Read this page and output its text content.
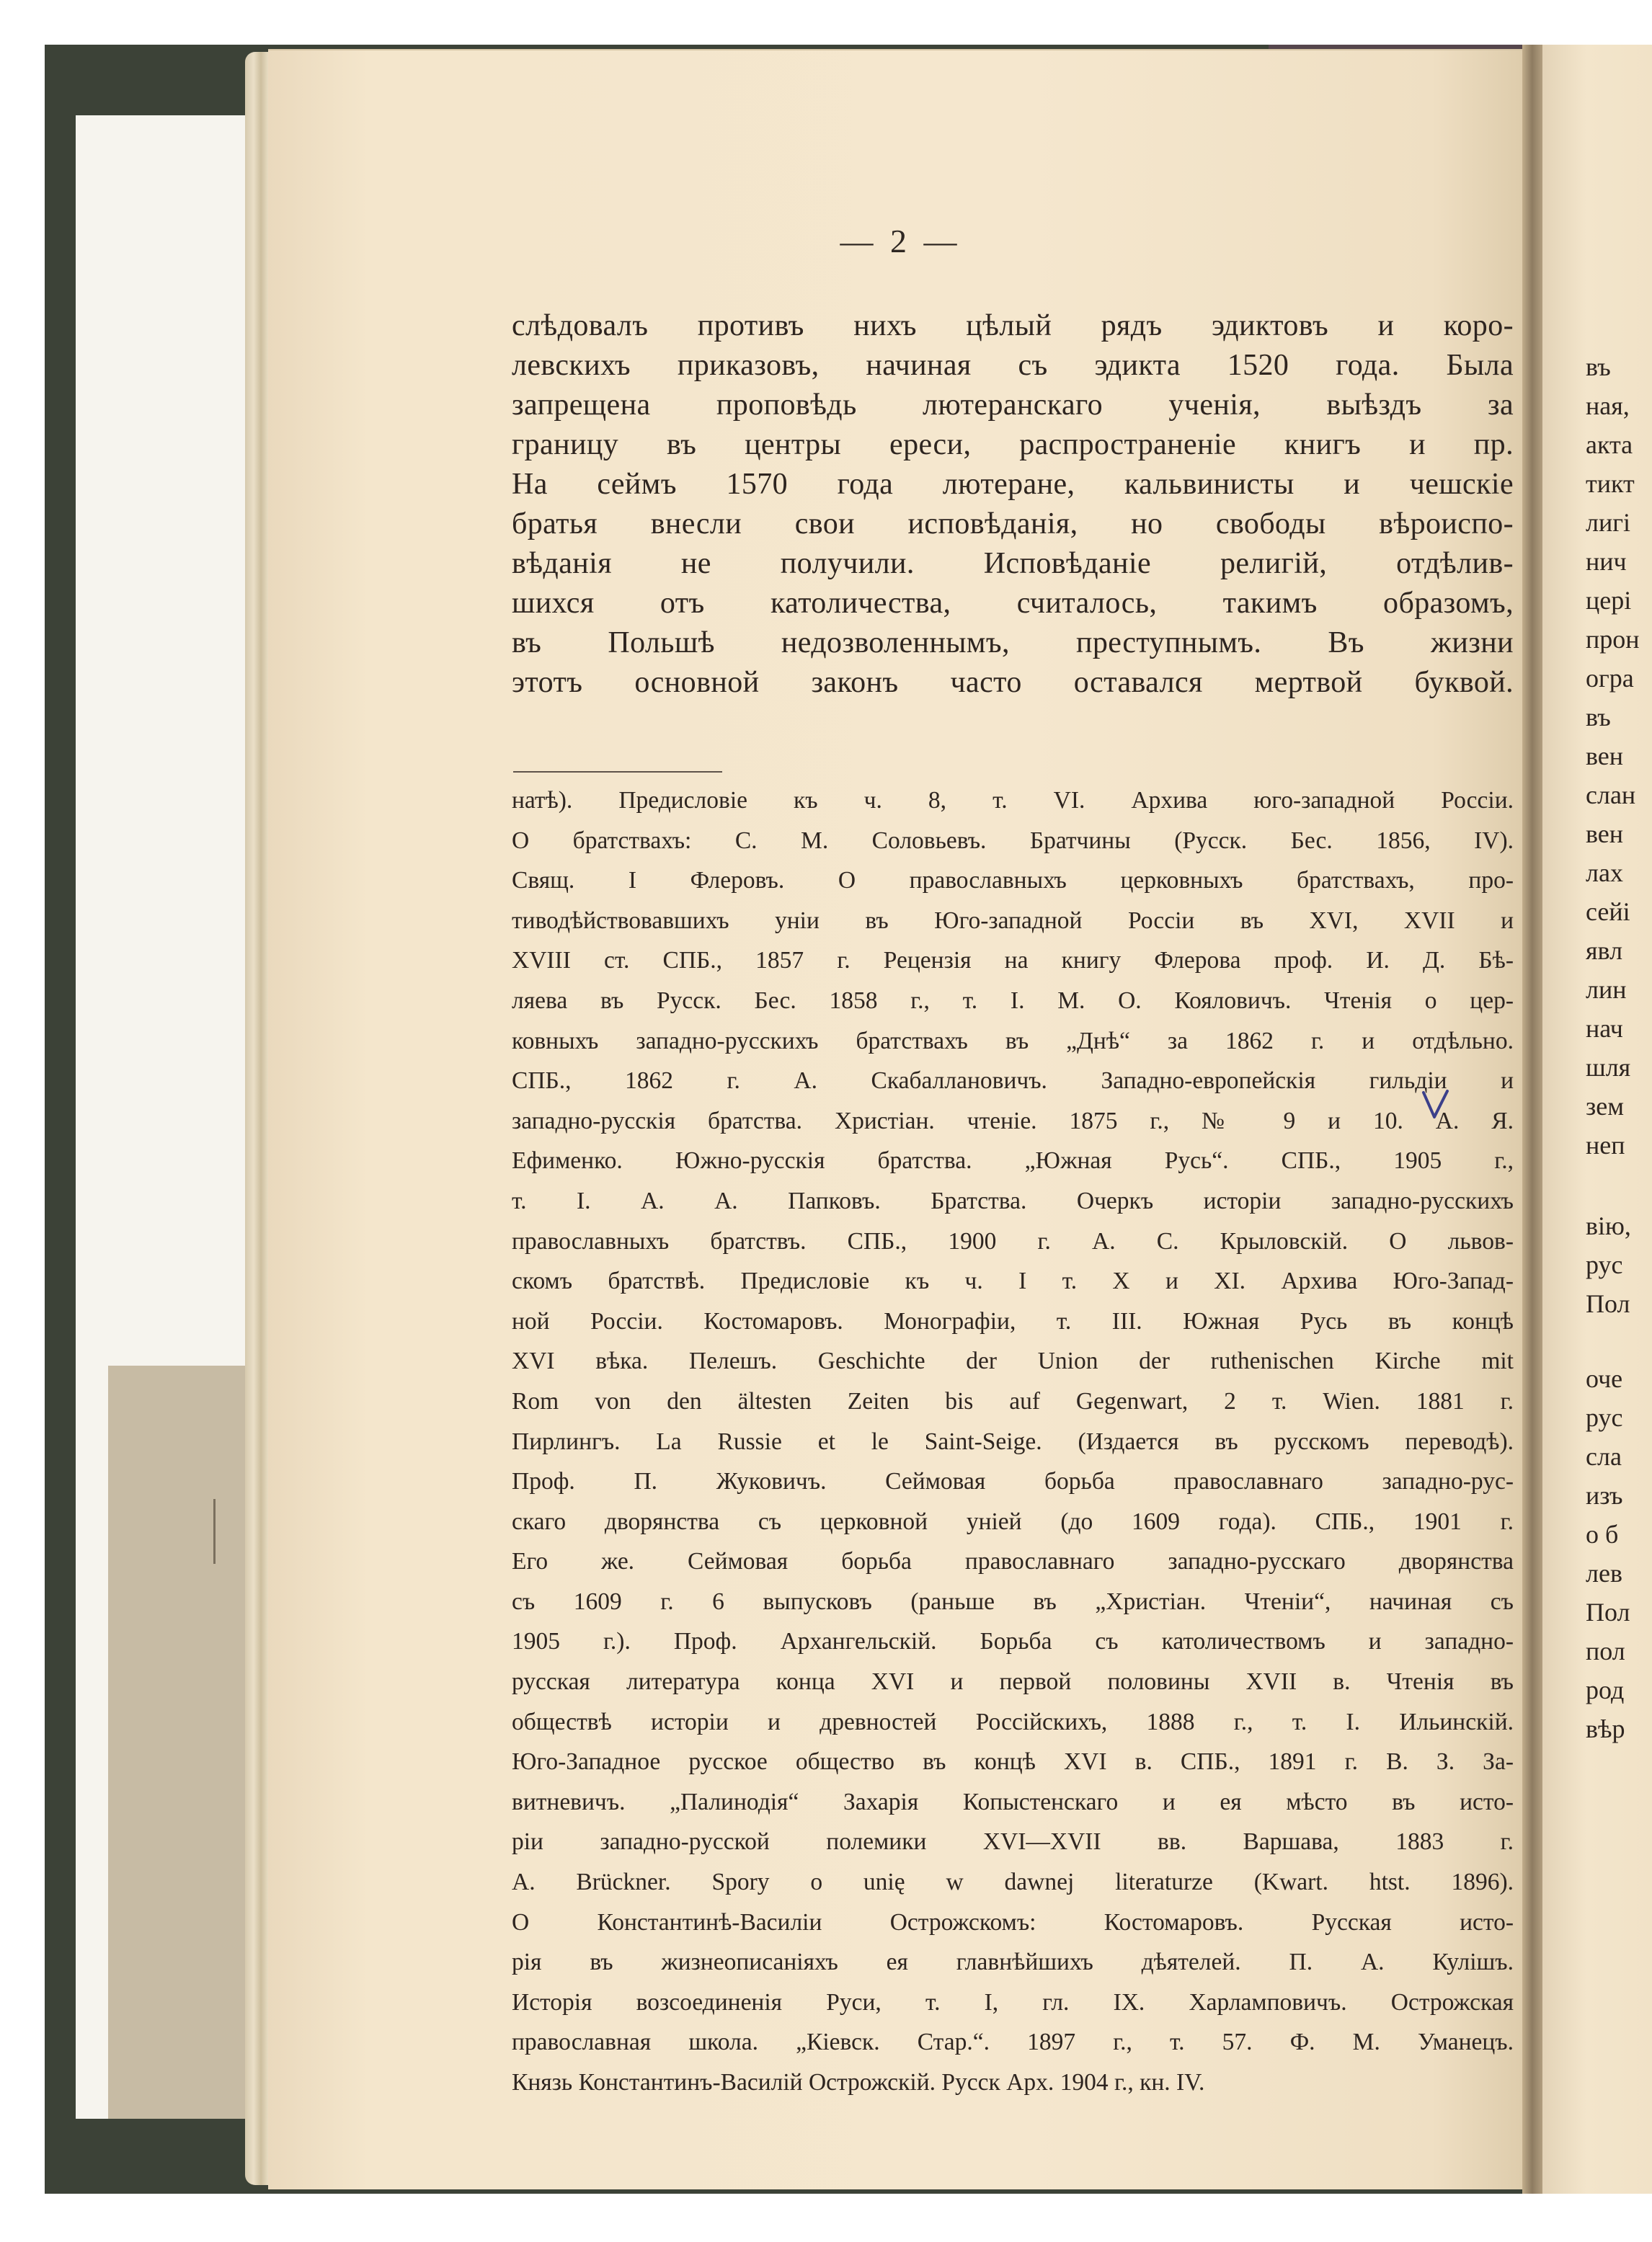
— 2 —
слѣдовалъ противъ нихъ цѣлый рядъ эдиктовъ и коро-
левскихъ приказовъ, начиная съ эдикта 1520 года. Была
запрещена проповѣдь лютеранскаго ученія, выѣздъ за
границу въ центры ереси, распространеніе книгъ и пр.
На сеймъ 1570 года лютеране, кальвинисты и чешскіе
братья внесли свои исповѣданія, но свободы вѣроиспо-
вѣданія не получили. Исповѣданіе религій, отдѣлив-
шихся отъ католичества, считалось, такимъ образомъ,
въ Польшѣ недозволеннымъ, преступнымъ. Въ жизни
этотъ основной законъ часто оставался мертвой буквой.
натѣ). Предисловіе къ ч. 8, т. VI. Архива юго-западной Россіи.
О братствахъ: С. М. Соловьевъ. Братчины (Русск. Бес. 1856, IV).
Свящ. I Флеровъ. О православныхъ церковныхъ братствахъ, про-
тиводѣйствовавшихъ уніи въ Юго-западной Россіи въ XVI, XVII и
XVIII ст. СПБ., 1857 г. Рецензія на книгу Флерова проф. И. Д. Бѣ-
ляева въ Русск. Бес. 1858 г., т. I. М. О. Кояловичъ. Чтенія о цер-
ковныхъ западно-русскихъ братствахъ въ „Днѣ“ за 1862 г. и отдѣльно.
СПБ., 1862 г. А. Скабаллановичъ. Западно-европейскія гильдіи и
западно-русскія братства. Христіан. чтеніе. 1875 г., № 9 и 10. А. Я.
Ефименко. Южно-русскія братства. „Южная Русь“. СПБ., 1905 г.,
т. I. А. А. Папковъ. Братства. Очеркъ исторіи западно-русскихъ
православныхъ братствъ. СПБ., 1900 г. А. С. Крыловскій. О львов-
скомъ братствѣ. Предисловіе къ ч. I т. X и XI. Архива Юго-Запад-
ной Россіи. Костомаровъ. Монографіи, т. III. Южная Русь въ концѣ
XVI вѣка. Пелешъ. Geschichte der Union der ruthenischen Kirche mit
Rom von den ältesten Zeiten bis auf Gegenwart, 2 т. Wien. 1881 г.
Пирлингъ. La Russie et le Saint-Seige. (Издается въ русскомъ переводѣ).
Проф. П. Жуковичъ. Сеймовая борьба православнаго западно-рус-
скаго дворянства съ церковной уніей (до 1609 года). СПБ., 1901 г.
Его же. Сеймовая борьба православнаго западно-русскаго дворянства
съ 1609 г. 6 выпусковъ (раньше въ „Христіан. Чтеніи“, начиная съ
1905 г.). Проф. Архангельскій. Борьба съ католичествомъ и западно-
русская литература конца XVI и первой половины XVII в. Чтенія въ
обществѣ исторіи и древностей Россійскихъ, 1888 г., т. I. Ильинскій.
Юго-Западное русское общество въ концѣ XVI в. СПБ., 1891 г. В. З. За-
витневичъ. „Палинодія“ Захарія Копыстенскаго и ея мѣсто въ исто-
ріи западно-русской полемики XVI—XVII вв. Варшава, 1883 г.
А. Brückner. Spory o unię w dawnej literaturze (Kwart. htst. 1896).
О Константинѣ-Василіи Острожскомъ: Костомаровъ. Русская исто-
рія въ жизнеописаніяхъ ея главнѣйшихъ дѣятелей. П. А. Кулішъ.
Исторія возсоединенія Руси, т. I, гл. IX. Харламповичъ. Острожская
православная школа. „Кіевск. Стар.“. 1897 г., т. 57. Ф. М. Уманецъ.
Князь Константинъ-Василій Острожскій. Русск Арх. 1904 г., кн. IV.
въ
ная,
акта
тикт
лигі
нич
цері
прон
огра
въ
вен
слан
вен
лах
сейі
явл
лин
нач
шля
зем
неп
вію,
рус
Пол
оче
рус
сла
изъ
о б
лев
Пол
пол
род
вѣр
